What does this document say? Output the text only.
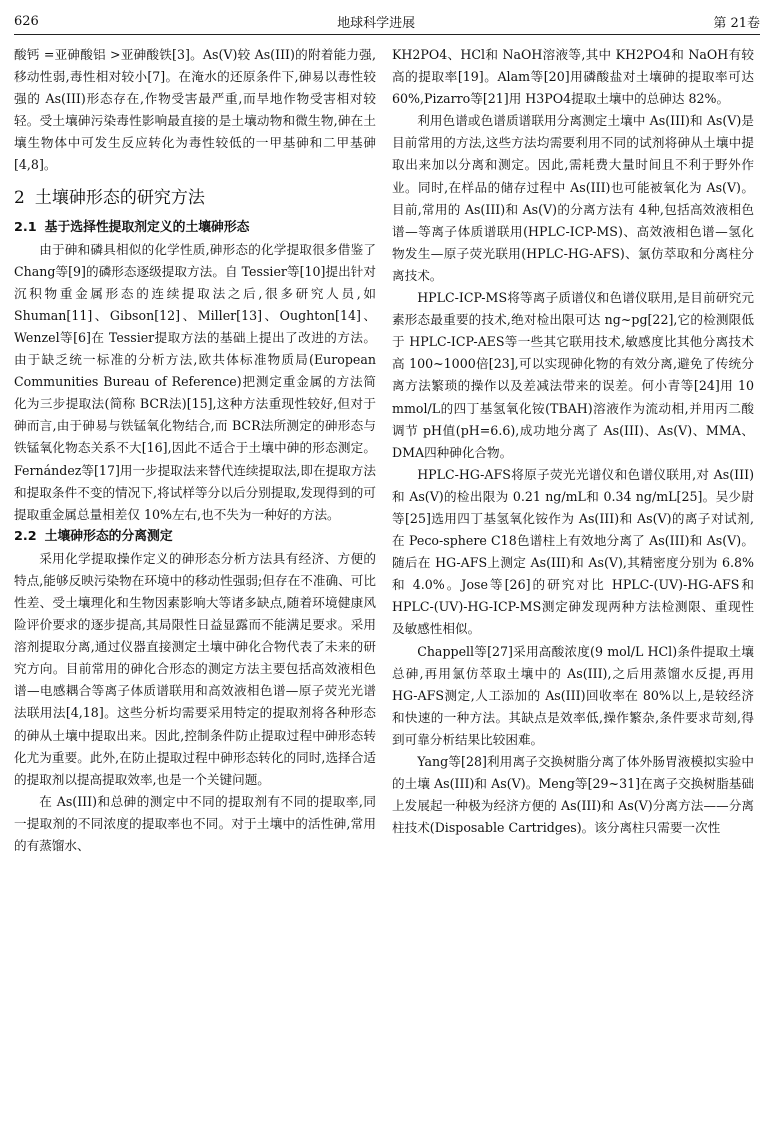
626	地球科学进展	第 21卷

酸钙 =亚砷酸铝 >亚砷酸铁[3]。As(V)较 As(III)的附着能力强,移动性弱,毒性相对较小[7]。在淹水的还原条件下,砷易以毒性较强的 As(III)形态存在,作物受害最严重,而旱地作物受害相对较轻。受土壤砷污染毒性影响最直接的是土壤动物和微生物,砷在土壤生物体中可发生反应转化为毒性较低的一甲基砷和二甲基砷[4,8]。

2 土壤砷形态的研究方法
2.1 基于选择性提取剂定义的土壤砷形态

由于砷和磷具相似的化学性质,砷形态的化学提取很多借鉴了 Chang等[9]的磷形态逐级提取方法。自 Tessier等[10]提出针对沉积物重金属形态的连续提取法之后,很多研究人员,如 Shuman[11]、Gibson[12]、Miller[13]、Oughton[14]、Wenzel等[6]在 Tessier提取方法的基础上提出了改进的方法。由于缺乏统一标准的分析方法,欧共体标准物质局(European Communities Bureau of Reference)把测定重金属的方法简化为三步提取法(简称 BCR法)[15],这种方法重现性较好,但对于砷而言,由于砷易与铁锰氧化物结合,而 BCR法所测定的砷形态与铁锰氧化物态关系不大[16],因此不适合于土壤中砷的形态测定。Fernández等[17]用一步提取法来替代连续提取法,即在提取方法和提取条件不变的情况下,将试样等分以后分别提取,发现得到的可提取重金属总量相差仅 10%左右,也不失为一种好的方法。

2.2 土壤砷形态的分离测定

采用化学提取操作定义的砷形态分析方法具有经济、方便的特点,能够反映污染物在环境中的移动性强弱;但存在不准确、可比性差、受土壤理化和生物因素影响大等诸多缺点,随着环境健康风险评价要求的逐步提高,其局限性日益显露而不能满足要求。采用溶剂提取分离,通过仪器直接测定土壤中砷化合物代表了未来的研究方向。目前常用的砷化合形态的测定方法主要包括高效液相色谱—电感耦合等离子体质谱联用和高效液相色谱—原子荧光光谱法联用法[4,18]。这些分析均需要采用特定的提取剂将各种形态的砷从土壤中提取出来。因此,控制条件防止提取过程中砷形态转化尤为重要。此外,在防止提取过程中砷形态转化的同时,选择合适的提取剂以提高提取效率,也是一个关键问题。

在 As(III)和总砷的测定中不同的提取剂有不同的提取率,同一提取剂的不同浓度的提取率也不同。对于土壤中的活性砷,常用的有蒸馏水、

KH2PO4、HCl和 NaOH溶液等,其中 KH2PO4和 NaOH有较高的提取率[19]。Alam等[20]用磷酸盐对土壤砷的提取率可达 60%,Pizarro等[21]用 H3PO4提取土壤中的总砷达 82%。

利用色谱或色谱质谱联用分离测定土壤中 As(III)和 As(V)是目前常用的方法,这些方法均需要利用不同的试剂将砷从土壤中提取出来加以分离和测定。因此,需耗费大量时间且不利于野外作业。同时,在样品的储存过程中 As(III)也可能被氧化为 As(V)。目前,常用的 As(III)和 As(V)的分离方法有 4种,包括高效液相色谱—等离子体质谱联用(HPLC-ICP-MS)、高效液相色谱—氢化物发生—原子荧光联用(HPLC-HG-AFS)、氯仿萃取和分离柱分离技术。

HPLC-ICP-MS将等离子质谱仪和色谱仪联用,是目前研究元素形态最重要的技术,绝对检出限可达 ng~pg[22],它的检测限低于 HPLC-ICP-AES等一些其它联用技术,敏感度比其他分离技术高 100~1000倍[23],可以实现砷化物的有效分离,避免了传统分离方法繁琐的操作以及差减法带来的误差。何小青等[24]用 10 mmol/L的四丁基氢氧化铵(TBAH)溶液作为流动相,并用丙二酸调节 pH值(pH=6.6),成功地分离了 As(III)、As(V)、MMA、DMA四种砷化合物。

HPLC-HG-AFS将原子荧光光谱仪和色谱仪联用,对 As(III)和 As(V)的检出限为 0.21 ng/mL和 0.34 ng/mL[25]。吴少尉等[25]选用四丁基氢氧化铵作为 As(III)和 As(V)的离子对试剂,在 Peco-sphere C18色谱柱上有效地分离了 As(III)和 As(V)。随后在 HG-AFS上测定 As(III)和 As(V),其精密度分别为 6.8%和 4.0%。Jose等[26]的研究对比 HPLC-(UV)-HG-AFS和 HPLC-(UV)-HG-ICP-MS测定砷发现两种方法检测限、重现性及敏感性相似。

Chappell等[27]采用高酸浓度(9 mol/L HCl)条件提取土壤总砷,再用氯仿萃取土壤中的 As(III),之后用蒸馏水反提,再用 HG-AFS测定,人工添加的 As(III)回收率在 80%以上,是较经济和快速的一种方法。其缺点是效率低,操作繁杂,条件要求苛刻,得到可靠分析结果比较困难。

Yang等[28]利用离子交换树脂分离了体外肠胃液模拟实验中的土壤 As(III)和 As(V)。Meng等[29~31]在离子交换树脂基础上发展起一种极为经济方便的 As(III)和 As(V)分离方法——分离柱技术(Disposable Cartridges)。该分离柱只需要一次性
